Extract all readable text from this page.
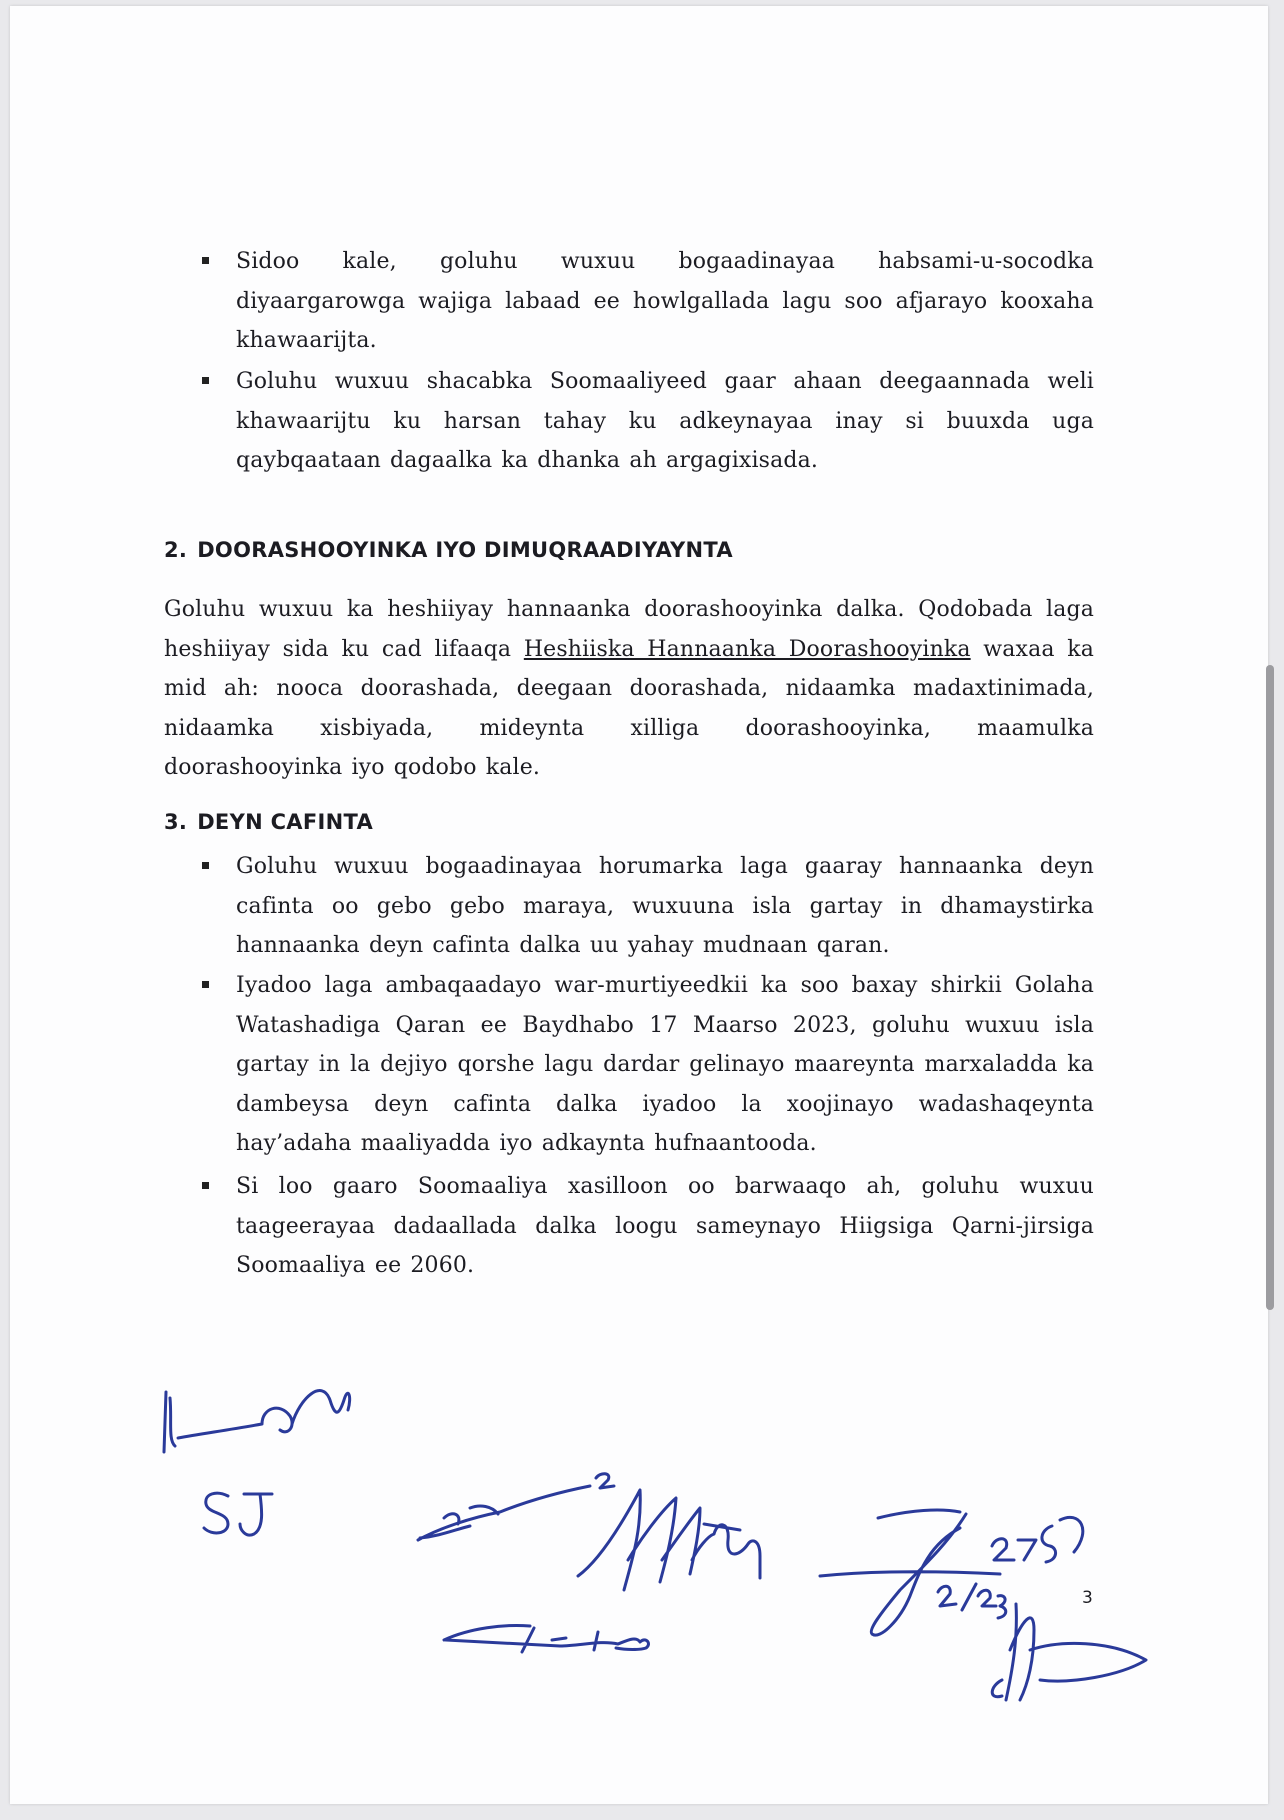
Sidoo kale, goluhu wuxuu bogaadinayaa habsami-u-socodka diyaargarowga wajiga labaad ee howlgallada lagu soo afjarayo kooxaha khawaarijta.
Goluhu wuxuu shacabka Soomaaliyeed gaar ahaan deegaannada weli khawaarijtu ku harsan tahay ku adkeynayaa inay si buuxda uga qaybqaataan dagaalka ka dhanka ah argagixisada.
2. DOORASHOOYINKA IYO DIMUQRAADIYAYNTA
Goluhu wuxuu ka heshiiyay hannaanka doorashooyinka dalka. Qodobada laga heshiiyay sida ku cad lifaaqa Heshiiska Hannaanka Doorashooyinka waxaa ka mid ah: nooca doorashada, deegaan doorashada, nidaamka madaxtinimada, nidaamka xisbiyada, mideynta xilliga doorashooyinka, maamulka doorashooyinka iyo qodobo kale.
3. DEYN CAFINTA
Goluhu wuxuu bogaadinayaa horumarka laga gaaray hannaanka deyn cafinta oo gebo gebo maraya, wuxuuna isla gartay in dhamaystirka hannaanka deyn cafinta dalka uu yahay mudnaan qaran.
Iyadoo laga ambaqaadayo war-murtiyeedkii ka soo baxay shirkii Golaha Watashadiga Qaran ee Baydhabo 17 Maarso 2023, goluhu wuxuu isla gartay in la dejiyo qorshe lagu dardar gelinayo maareynta marxaladda ka dambeysa deyn cafinta dalka iyadoo la xoojinayo wadashaqeynta hay’adaha maaliyadda iyo adkaynta hufnaantooda.
Si loo gaaro Soomaaliya xasilloon oo barwaaqo ah, goluhu wuxuu taageerayaa dadaallada dalka loogu sameynayo Hiigsiga Qarni-jirsiga Soomaaliya ee 2060.
3
